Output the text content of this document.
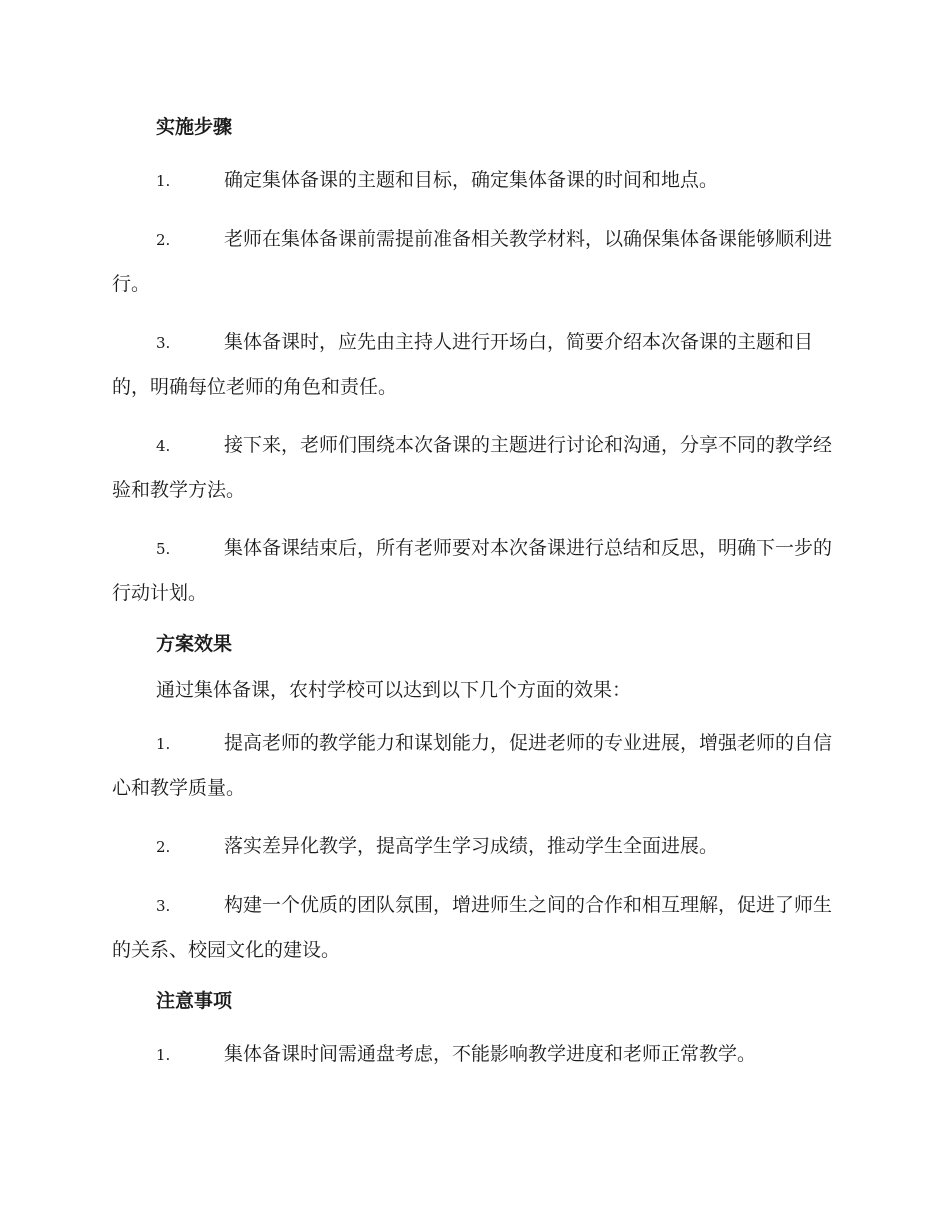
实施步骤
1.	确定集体备课的主题和目标，确定集体备课的时间和地点。
2.	老师在集体备课前需提前准备相关教学材料，以确保集体备课能够顺利进行。
3.	集体备课时，应先由主持人进行开场白，简要介绍本次备课的主题和目的，明确每位老师的角色和责任。
4.	接下来，老师们围绕本次备课的主题进行讨论和沟通，分享不同的教学经验和教学方法。
5.	集体备课结束后，所有老师要对本次备课进行总结和反思，明确下一步的行动计划。
方案效果
通过集体备课，农村学校可以达到以下几个方面的效果：
1.	提高老师的教学能力和谋划能力，促进老师的专业进展，增强老师的自信心和教学质量。
2.	落实差异化教学，提高学生学习成绩，推动学生全面进展。
3.	构建一个优质的团队氛围，增进师生之间的合作和相互理解，促进了师生的关系、校园文化的建设。
注意事项
1.	集体备课时间需通盘考虑，不能影响教学进度和老师正常教学。
